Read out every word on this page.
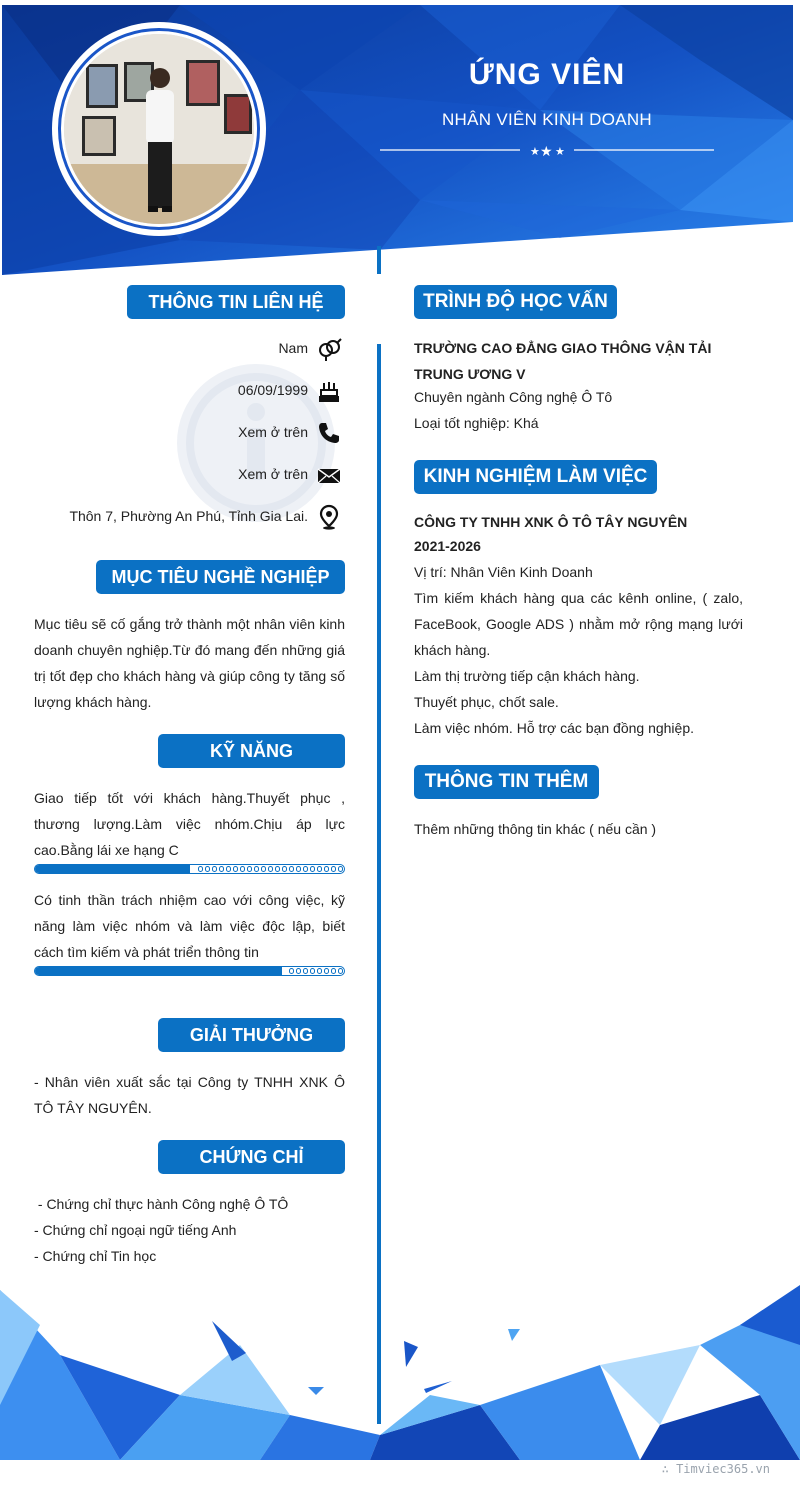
ỨNG VIÊN
NHÂN VIÊN KINH DOANH
★ ★ ★
THÔNG TIN LIÊN HỆ
Nam
06/09/1999
Xem ở trên
Xem ở trên
Thôn 7, Phường An Phú, Tỉnh Gia Lai.
MỤC TIÊU NGHỀ NGHIỆP
Mục tiêu sẽ cố gắng trở thành một nhân viên kinh doanh chuyên nghiệp.Từ đó mang đến những giá trị tốt đẹp cho khách hàng và giúp công ty tăng số lượng khách hàng.
KỸ NĂNG
Giao tiếp tốt với khách hàng.Thuyết phục , thương lượng.Làm việc nhóm.Chịu áp lực cao.Bằng lái xe hạng C
Có tinh thần trách nhiệm cao với công việc, kỹ năng làm việc nhóm và làm việc độc lập, biết cách tìm kiếm và phát triển thông tin
GIẢI THƯỞNG
- Nhân viên xuất sắc tại Công ty TNHH XNK Ô TÔ TÂY NGUYÊN.
CHỨNG CHỈ
- Chứng chỉ thực hành Công nghệ Ô TÔ
- Chứng chỉ ngoại ngữ tiếng Anh
- Chứng chỉ Tin học
TRÌNH ĐỘ HỌC VẤN
TRƯỜNG CAO ĐẲNG GIAO THÔNG VẬN TẢI TRUNG ƯƠNG V
Chuyên ngành Công nghệ Ô Tô
Loại tốt nghiệp: Khá
KINH NGHIỆM LÀM VIỆC
CÔNG TY TNHH XNK Ô TÔ TÂY NGUYÊN
2021-2026
Vị trí: Nhân Viên Kinh Doanh
Tìm kiếm khách hàng qua các kênh online, ( zalo, FaceBook, Google ADS ) nhằm mở rộng mạng lưới khách hàng.
Làm thị trường tiếp cận khách hàng.
Thuyết phục, chốt sale.
Làm việc nhóm. Hỗ trợ các bạn đồng nghiệp.
THÔNG TIN THÊM
Thêm những thông tin khác ( nếu cần )
∴ Timviec365.vn
